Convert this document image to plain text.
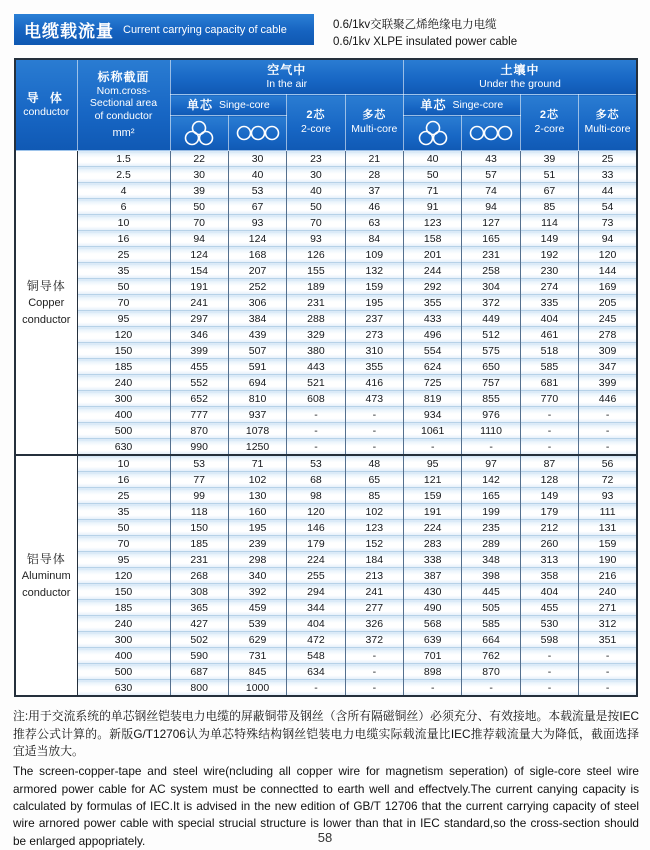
电缆载流量 Current carrying capacity of cable	0.6/1kv交联聚乙烯绝缘电力电缆
0.6/1kv XLPE insulated power cable
导 体
conductor

标称截面
Nom.cross-
Sectional area
of conductor
mm²

空气中
In the air

土壤中
Under the ground

单芯 Singe-core

2芯
2-core

多芯
Multi-core

单芯 Singe-core

2芯
2-core

多芯
Multi-core

铜导体
Copper
conductor	1.5	22	30	23	21	40	43	39	25
	2.5	30	40	30	28	50	57	51	33
	4	39	53	40	37	71	74	67	44
	6	50	67	50	46	91	94	85	54
	10	70	93	70	63	123	127	114	73
	16	94	124	93	84	158	165	149	94
	25	124	168	126	109	201	231	192	120
	35	154	207	155	132	244	258	230	144
	50	191	252	189	159	292	304	274	169
	70	241	306	231	195	355	372	335	205
	95	297	384	288	237	433	449	404	245
	120	346	439	329	273	496	512	461	278
	150	399	507	380	310	554	575	518	309
	185	455	591	443	355	624	650	585	347
	240	552	694	521	416	725	757	681	399
	300	652	810	608	473	819	855	770	446
	400	777	937	-	-	934	976	-	-
	500	870	1078	-	-	1061	1110	-	-
	630	990	1250	-	-	-	-	-	-

铝导体
Aluminum
conductor	10	53	71	53	48	95	97	87	56
	16	77	102	68	65	121	142	128	72
	25	99	130	98	85	159	165	149	93
	35	118	160	120	102	191	199	179	111
	50	150	195	146	123	224	235	212	131
	70	185	239	179	152	283	289	260	159
	95	231	298	224	184	338	348	313	190
	120	268	340	255	213	387	398	358	216
	150	308	392	294	241	430	445	404	240
	185	365	459	344	277	490	505	455	271
	240	427	539	404	326	568	585	530	312
	300	502	629	472	372	639	664	598	351
	400	590	731	548	-	701	762	-	-
	500	687	845	634	-	898	870	-	-
	630	800	1000	-	-	-	-	-	-
注:用于交流系统的单芯钢丝铠装电力电缆的屏蔽铜带及钢丝（含所有隔磁铜丝）必须充分、有效接地。本载流量是按IEC推荐公式计算的。新版G/T12706认为单芯特殊结构钢丝铠装电力电缆实际载流量比IEC推荐载流量大为降低，截面选择宜适当放大。
The screen-copper-tape and steel wire(ncluding all copper wire for magnetism seperation) of sigle-core steel wire armored power cable for AC system must be connectted to earth well and effectvely.The current canying capacity is calculated by formulas of IEC.It is advised in the new edition of GB/T 12706 that the current carrying capacity of steel wire arnored power cable with special strucial structure is lower than that in IEC standard,so the cross-section should be enlarged appopriately.	58
